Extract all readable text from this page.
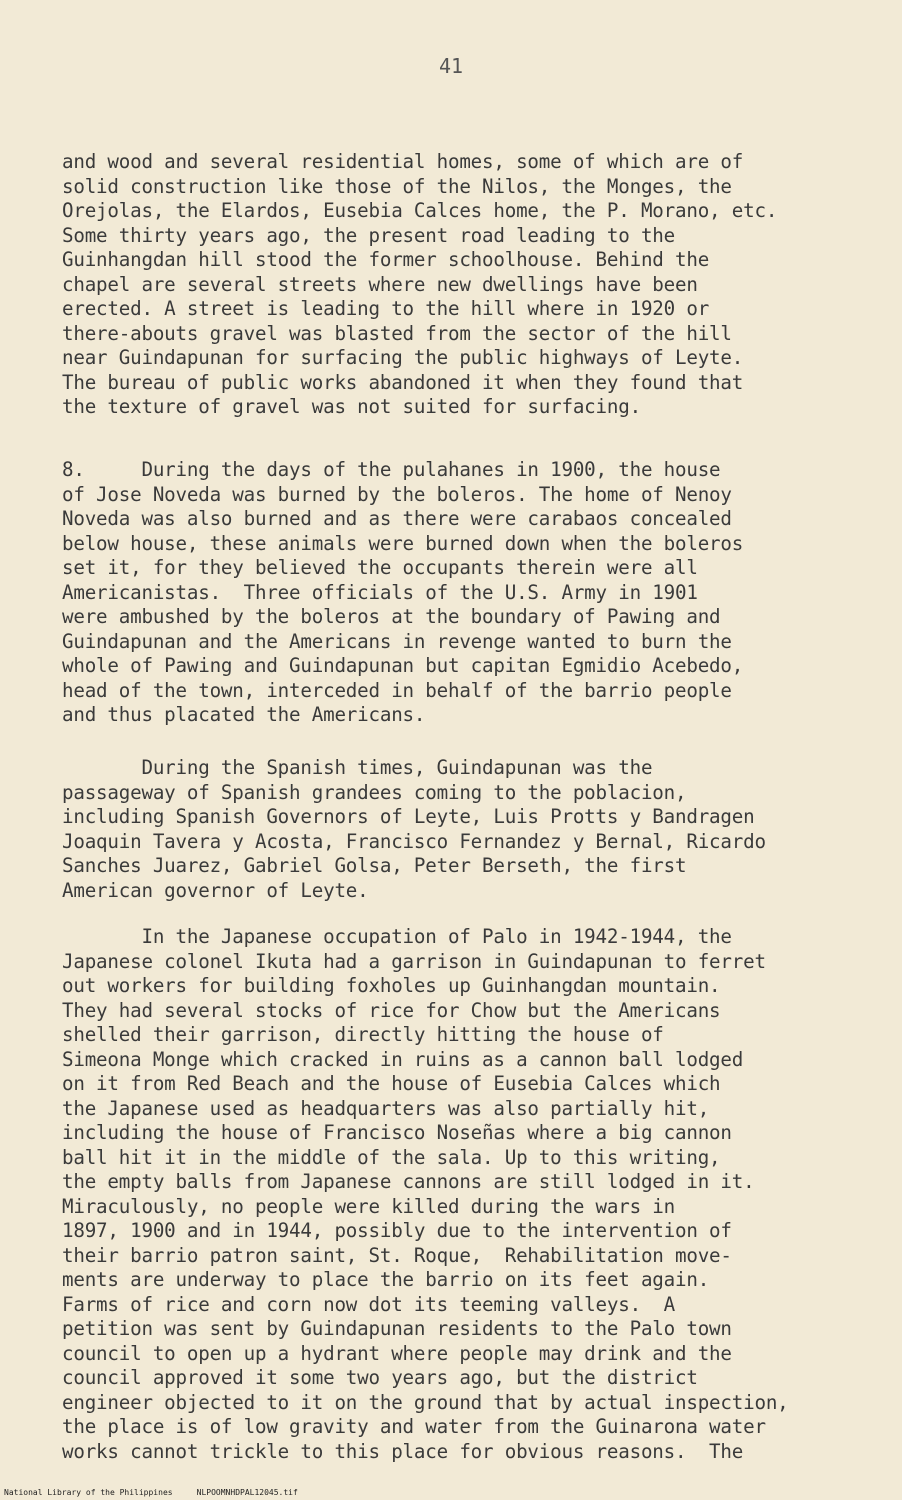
41
and wood and several residential homes, some of which are of
solid construction like those of the Nilos, the Monges, the
Orejolas, the Elardos, Eusebia Calces home, the P. Morano, etc.
Some thirty years ago, the present road leading to the
Guinhangdan hill stood the former schoolhouse. Behind the
chapel are several streets where new dwellings have been
erected. A street is leading to the hill where in 1920 or
there-abouts gravel was blasted from the sector of the hill
near Guindapunan for surfacing the public highways of Leyte.
The bureau of public works abandoned it when they found that
the texture of gravel was not suited for surfacing.
8.     During the days of the pulahanes in 1900, the house
of Jose Noveda was burned by the boleros. The home of Nenoy
Noveda was also burned and as there were carabaos concealed
below house, these animals were burned down when the boleros
set it, for they believed the occupants therein were all
Americanistas.  Three officials of the U.S. Army in 1901
were ambushed by the boleros at the boundary of Pawing and
Guindapunan and the Americans in revenge wanted to burn the
whole of Pawing and Guindapunan but capitan Egmidio Acebedo,
head of the town, interceded in behalf of the barrio people
and thus placated the Americans.
During the Spanish times, Guindapunan was the
passageway of Spanish grandees coming to the poblacion,
including Spanish Governors of Leyte, Luis Protts y Bandragen
Joaquin Tavera y Acosta, Francisco Fernandez y Bernal, Ricardo
Sanches Juarez, Gabriel Golsa, Peter Berseth, the first
American governor of Leyte.
In the Japanese occupation of Palo in 1942-1944, the
Japanese colonel Ikuta had a garrison in Guindapunan to ferret
out workers for building foxholes up Guinhangdan mountain.
They had several stocks of rice for Chow but the Americans
shelled their garrison, directly hitting the house of
Simeona Monge which cracked in ruins as a cannon ball lodged
on it from Red Beach and the house of Eusebia Calces which
the Japanese used as headquarters was also partially hit,
including the house of Francisco Noseñas where a big cannon
ball hit it in the middle of the sala. Up to this writing,
the empty balls from Japanese cannons are still lodged in it.
Miraculously, no people were killed during the wars in
1897, 1900 and in 1944, possibly due to the intervention of
their barrio patron saint, St. Roque,  Rehabilitation move-
ments are underway to place the barrio on its feet again.
Farms of rice and corn now dot its teeming valleys.  A
petition was sent by Guindapunan residents to the Palo town
council to open up a hydrant where people may drink and the
council approved it some two years ago, but the district
engineer objected to it on the ground that by actual inspection,
the place is of low gravity and water from the Guinarona water
works cannot trickle to this place for obvious reasons.  The
National Library of the Philippines     NLPOOMNHDPAL12045.tif
